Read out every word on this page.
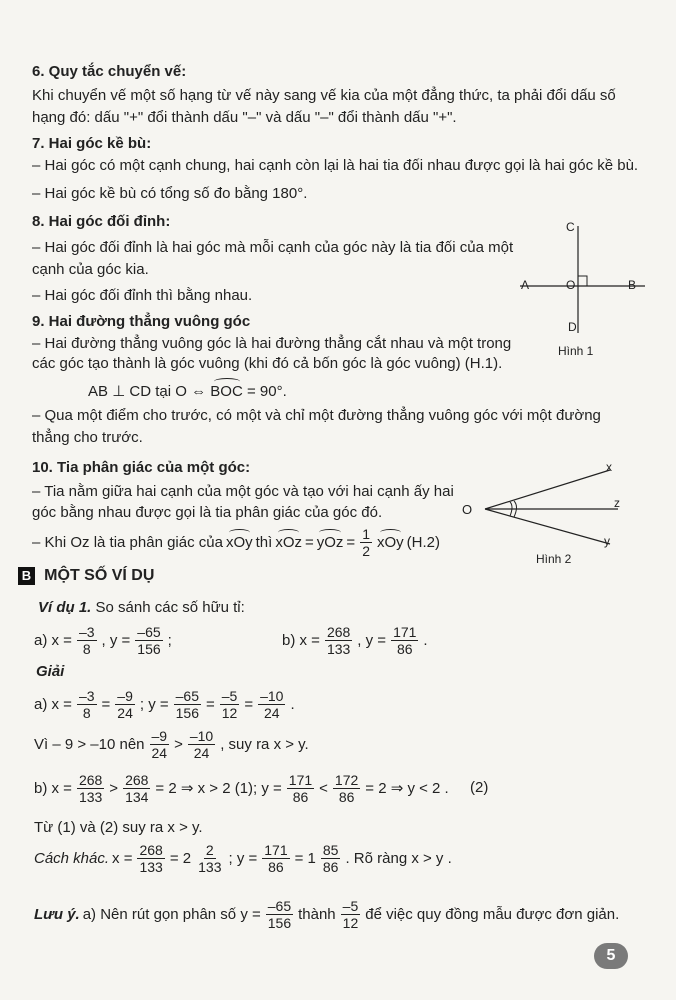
6. Quy tắc chuyển vế:
Khi chuyển vế một số hạng từ vế này sang vế kia của một đẳng thức, ta phải đổi dấu số
hạng đó: dấu "+" đổi thành dấu "–" và dấu "–" đổi thành dấu "+".
7. Hai góc kề bù:
– Hai góc có một cạnh chung, hai cạnh còn lại là hai tia đối nhau được gọi là hai góc kề bù.
– Hai góc kề bù có tổng số đo bằng 180°.
8. Hai góc đối đỉnh:
– Hai góc đối đỉnh là hai góc mà mỗi cạnh của góc này là tia đối của một
cạnh của góc kia.
– Hai góc đối đỉnh thì bằng nhau.
C
D
A	O	B
Hình 1
9. Hai đường thẳng vuông góc
– Hai đường thẳng vuông góc là hai đường thẳng cắt nhau và một trong
các góc tạo thành là góc vuông (khi đó cả bốn góc là góc vuông) (H.1).
AB ⊥ CD tại O ⇔ BOC = 90°.
– Qua một điểm cho trước, có một và chỉ một đường thẳng vuông góc với một đường
thẳng cho trước.
10. Tia phân giác của một góc:
– Tia nằm giữa hai cạnh của một góc và tạo với hai cạnh ấy hai
góc bằng nhau được gọi là tia phân giác của góc đó.
– Khi Oz là tia phân giác của xOy thì xOz = yOz = $\frac{1}{2}$ xOy (H.2)
O
x
z
y
Hình 2
B MỘT SỐ VÍ DỤ
Ví dụ 1. So sánh các số hữu tỉ:
a) $x = \frac{-3}{8}$ , $y = \frac{-65}{156}$ ;	b) $x = \frac{268}{133}$ , $y = \frac{171}{86}$ .
Giải
a) $x = \frac{-3}{8} = \frac{-9}{24}$ ; $y = \frac{-65}{156} = \frac{-5}{12} = \frac{-10}{24}$ .
Vì – 9 > –10 nên $\frac{-9}{24} > \frac{-10}{24}$ , suy ra x > y.
b) $x = \frac{268}{133} > \frac{268}{134} = 2$ ⇒ x > 2 (1); $y = \frac{171}{86} < \frac{172}{86} = 2$ ⇒ y < 2 . (2)
Từ (1) và (2) suy ra x > y.
Cách khác. $x = \frac{268}{133} = 2 \frac{2}{133}$ ; $y = \frac{171}{86} = 1 \frac{85}{86}$ . Rõ ràng x > y .
Lưu ý. a) Nên rút gọn phân số $y = \frac{-65}{156}$ thành $\frac{-5}{12}$ để việc quy đồng mẫu được đơn giản.
5
